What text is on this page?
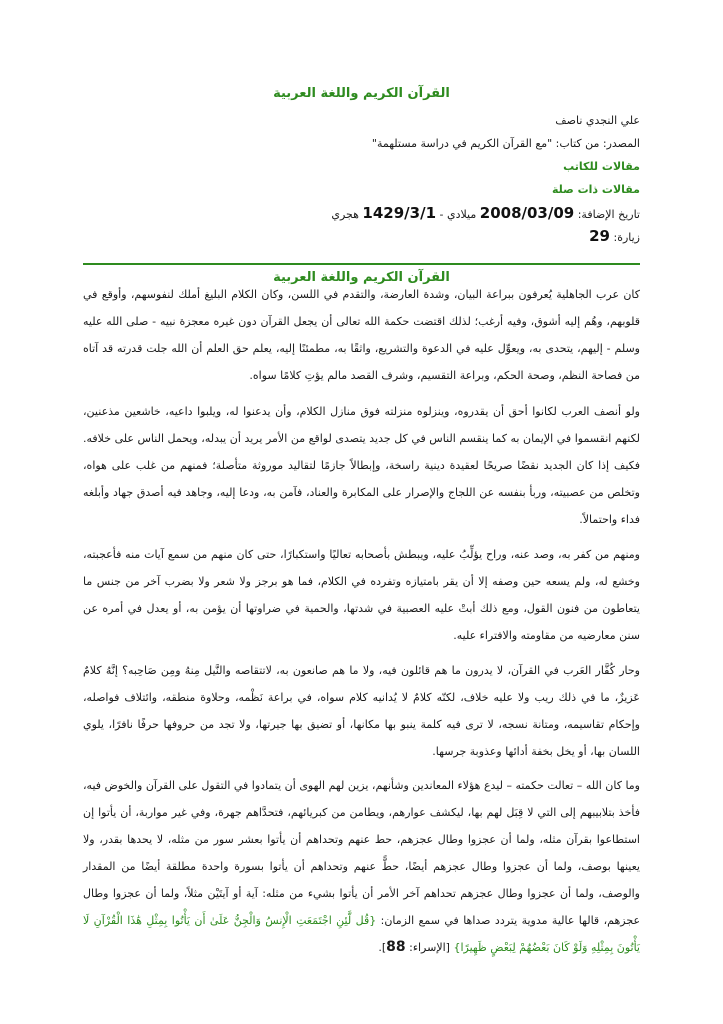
القرآن الكريم واللغة العربية
علي النجدي ناصف
المصدر: من كتاب: "مع القرآن الكريم في دراسة مستلهمة"
مقالات للكاتب
مقالات ذات صلة
تاريخ الإضافة: 2008/03/09 ميلادي - 1429/3/1 هجري
زيارة: 29
القرآن الكريم واللغة العربية

كان عرب الجاهلية يُعرفون ببراعة البيان، وشدة العارضة، والتقدم في اللسن، وكان الكلام البليغ أملك لنفوسهم، وأوقع في قلوبهم، وهُم إليه أشوق، وفيه أرغب؛ لذلك اقتضت حكمة الله تعالى أن يجعل القرآن دون غيره معجزة نبيه - صلى الله عليه وسلم - إليهم، يتحدى به، ويعوِّل عليه في الدعوة والتشريع، واثقًا به، مطمئنًا إليه، يعلم حق العلم أن الله جلت قدرته قد آتاه من فصاحة النظم، وصحة الحكم، وبراعة التقسيم، وشرف القصد مالم يؤتِ كلامًا سواه.

ولو أنصف العرب لكانوا أحق أن يقدروه، وينزلوه منزلته فوق منازل الكلام، وأن يدعنوا له، ويلبوا داعيه، خاشعين مذعنين، لكنهم انقسموا في الإيمان به كما ينقسم الناس في كل جديد يتصدى لواقع من الأمر يريد أن يبدله، ويحمل الناس على خلافه. فكيف إذا كان الجديد نقضًا صريحًا لعقيدة دينية راسخة، وإبطالاً جازمًا لتقاليد موروثة متأصلة؛ فمنهم من غلب على هواه، وتخلص من عصبيته، وربأ بنفسه عن اللجاج والإصرار على المكابرة والعناد، فآمن به، ودعا إليه، وجاهد فيه أصدق جهاد وأبلغه فداء واحتمالاً.

ومنهم من كفر به، وصد عنه، وراح يؤلِّبُ عليه، ويبطش بأصحابه تعاليًا واستكبارًا، حتى كان منهم من سمع آيات منه فأعجبته، وخشع له، ولم يسعه حين وصفه إلا أن يقر بامتيازه وتفرده في الكلام، فما هو برجز ولا شعر ولا بضرب آخر من جنس ما يتعاطون من فنون القول، ومع ذلك أبتْ عليه العصبية في شدتها، والحمية في ضراوتها أن يؤمن به، أو يعدل في أمره عن سنن معارضيه من مقاومته والافتراء عليه.

وحار كُفَّار العَرب في القرآن، لا يدرون ما هم قائلون فيه، ولا ما هم صانعون به، لاتتقاصه والنَّيل مِنهُ ومِن صَاحِبه؟ إنَّهُ كلامٌ عَزيزٌ، ما في ذلك ريب ولا عليه خلاف، لكنّه كلامٌ لا يُدانيه كلام سواه، في براعة نَظْمه، وحلاوة منطقه، وائتلاف فواصله، وإحكام تقاسيمه، ومتانة نسجه، لا ترى فيه كلمة ينبو بها مكانها، أو تضيق بها جيرتها، ولا تجد من حروفها حرفًا نافرًا، يلوي اللسان بها، أو يخل بخفة أدائها وعذوبة جرسها.

وما كان الله – تعالت حكمته – ليدع هؤلاء المعاندين وشأنهم، يزين لهم الهوى أن يتمادوا في التقول على القرآن والخوض فيه، فأخذ بتلابيبهم إلى التي لا قِبَل لهم بها، ليكشف عوارهم، ويطامن من كبريائهم، فتحدَّاهم جهرة، وفي غير مواربة، أن يأتوا إن استطاعوا بقرآن مثله، ولما أن عجزوا وطال عجزهم، حط عنهم وتحداهم أن يأتوا بعشر سور من مثله، لا يحدها بقدر، ولا يعينها بوصف، ولما أن عجزوا وطال عجزهم أيضًا، حطًّ عنهم وتحداهم أن يأتوا بسورة واحدة مطلقة أيضًا من المقدار والوصف، ولما أن عجزوا وطال عجزهم تحداهم آخر الأمر أن يأتوا بشيء من مثله: آية أو آيتَيْن مثلاً، ولما أن عجزوا وطال عجزهم، قالها عالية مدوية يتردد صداها في سمع الزمان: {قُل لَّئِنِ اجْتَمَعَتِ الْإِنسُ وَالْجِنُّ عَلَىٰ أَن يَأْتُوا بِمِثْلِ هَٰذَا الْقُرْآنِ لَا يَأْتُونَ بِمِثْلِهِ وَلَوْ كَانَ بَعْضُهُمْ لِبَعْضٍ ظَهِيرًا} [الإسراء: 88].
